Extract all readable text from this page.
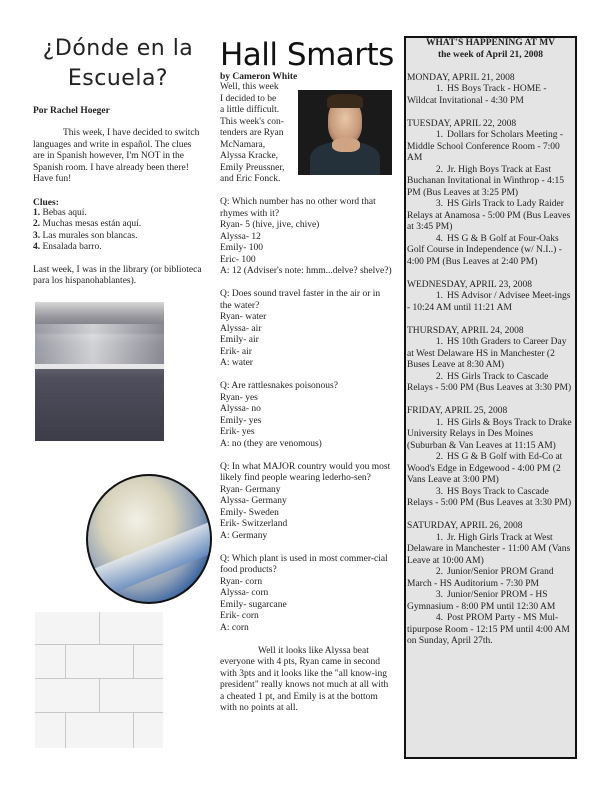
¿Dónde en la
Escuela?
Por Rachel Hoeger
This week, I have decided to switch languages and write in español. The clues are in Spanish however, I'm NOT in the Spanish room. I have already been there! Have fun!
Clues:
1. Bebas aquí.
2. Muchas mesas están aquí.
3. Las murales son blancas.
4. Ensalada barro.
Last week, I was in the library (or biblioteca para los hispanohablantes).
Hall Smarts
by Cameron White
Well, this week
I decided to be
a little difficult.
This week's con-
tenders are Ryan
McNamara,
Alyssa Kracke,
Emily Preussner,
and Eric Fonck.
Q: Which number has no other word that rhymes with it?
Ryan- 5 (hive, jive, chive)
Alyssa- 12
Emily- 100
Eric- 100
A: 12 (Adviser's note: hmm...delve? shelve?)
Q: Does sound travel faster in the air or in the water?
Ryan- water
Alyssa- air
Emily- air
Erik- air
A: water
Q: Are rattlesnakes poisonous?
Ryan- yes
Alyssa- no
Emily- yes
Erik- yes
A: no (they are venomous)
Q: In what MAJOR country would you most likely find people wearing lederho-sen?
Ryan- Germany
Alyssa- Germany
Emily- Sweden
Erik- Switzerland
A: Germany
Q: Which plant is used in most commer-cial food products?
Ryan- corn
Alyssa- corn
Emily- sugarcane
Erik- corn
A: corn
Well it looks like Alyssa beat everyone with 4 pts, Ryan came in second with 3pts and it looks like the "all know-ing president" really knows not much at all with a cheated 1 pt, and Emily is at the bottom with no points at all.
WHAT'S HAPPENING AT MV
the week of April 21, 2008
MONDAY, APRIL 21, 2008
1. HS Boys Track - HOME - Wildcat Invitational - 4:30 PM
TUESDAY, APRIL 22, 2008
1. Dollars for Scholars Meeting - Middle School Conference Room - 7:00 AM
2. Jr. High Boys Track at East Buchanan Invitational in Winthrop - 4:15 PM (Bus Leaves at 3:25 PM)
3. HS Girls Track to Lady Raider Relays at Anamosa - 5:00 PM (Bus Leaves at 3:45 PM)
4. HS G & B Golf at Four-Oaks Golf Course in Independence (w/ N.I..) - 4:00 PM (Bus Leaves at 2:40 PM)
WEDNESDAY, APRIL 23, 2008
1. HS Advisor / Advisee Meet-ings - 10:24 AM until 11:21 AM
THURSDAY, APRIL 24, 2008
1. HS 10th Graders to Career Day at West Delaware HS in Manchester (2 Buses Leave at 8:30 AM)
2. HS Girls Track to Cascade Relays - 5:00 PM (Bus Leaves at 3:30 PM)
FRIDAY, APRIL 25, 2008
1. HS Girls & Boys Track to Drake University Relays in Des Moines (Suburban & Van Leaves at 11:15 AM)
2. HS G & B Golf with Ed-Co at Wood's Edge in Edgewood - 4:00 PM (2 Vans Leave at 3:00 PM)
3. HS Boys Track to Cascade Relays - 5:00 PM (Bus Leaves at 3:30 PM)
SATURDAY, APRIL 26, 2008
1. Jr. High Girls Track at West Delaware in Manchester - 11:00 AM (Vans Leave at 10:00 AM)
2. Junior/Senior PROM Grand March - HS Auditorium - 7:30 PM
3. Junior/Senior PROM - HS Gymnasium - 8:00 PM until 12:30 AM
4. Post PROM Party - MS Mul-tipurpose Room - 12:15 PM until 4:00 AM on Sunday, April 27th.
